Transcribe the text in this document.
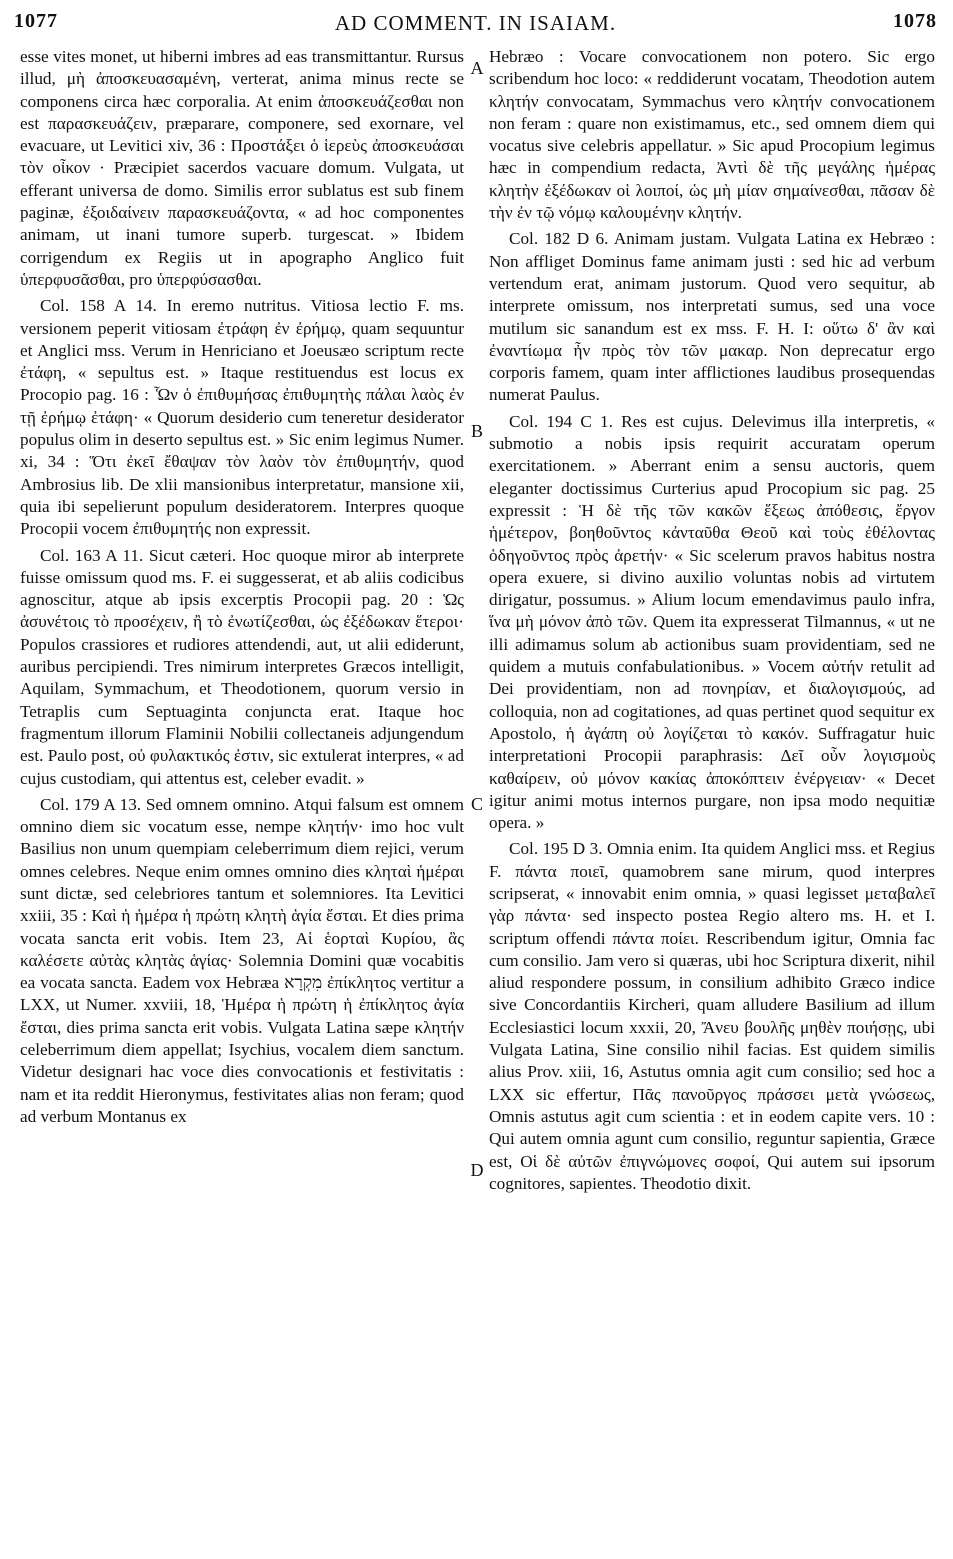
1077	AD COMMENT. IN ISAIAM.	1078
A
B
C
D

esse vites monet, ut hiberni imbres ad eas transmittantur. Rursus illud, μὴ ἀποσκευασαμένη, verterat, anima minus recte se componens circa hæc corporalia. At enim ἀποσκευάζεσθαι non est παρασκευάζειν, præparare, componere, sed exornare, vel evacuare, ut Levitici xiv, 36 : Προστάξει ὁ ἱερεὺς ἀποσκευάσαι τὸν οἶκον · Præcipiet sacerdos vacuare domum. Vulgata, ut efferant universa de domo. Similis error sublatus est sub finem paginæ, ἐξοιδαίνειν παρασκευάζοντα, « ad hoc componentes animam, ut inani tumore superb. turgescat. » Ibidem corrigendum ex Regiis ut in apographo Anglico fuit ὑπερφυσᾶσθαι, pro ὑπερφύσασθαι.

Col. 158 A 14. In eremo nutritus. Vitiosa lectio F. ms. versionem peperit vitiosam ἐτράφη ἐν ἐρήμῳ, quam sequuntur et Anglici mss. Verum in Henriciano et Joeusæo scriptum recte ἐτάφη, « sepultus est. » Itaque restituendus est locus ex Procopio pag. 16 : Ὧν ὁ ἐπιθυμήσας ἐπιθυμητὴς πάλαι λαὸς ἐν τῇ ἐρήμῳ ἐτάφη· « Quorum desiderio cum teneretur desiderator populus olim in deserto sepultus est. » Sic enim legimus Numer. xi, 34 : Ὅτι ἐκεῖ ἔθαψαν τὸν λαὸν τὸν ἐπιθυμητήν, quod Ambrosius lib. De xlii mansionibus interpretatur, mansione xii, quia ibi sepelierunt populum desideratorem. Interpres quoque Procopii vocem ἐπιθυμητής non expressit.

Col. 163 A 11. Sicut cæteri. Hoc quoque miror ab interprete fuisse omissum quod ms. F. ei suggesserat, et ab aliis codicibus agnoscitur, atque ab ipsis excerptis Procopii pag. 20 : Ὡς ἀσυνέτοις τὸ προσέχειν, ἢ τὸ ἐνωτίζεσθαι, ὡς ἐξέδωκαν ἕτεροι· Populos crassiores et rudiores attendendi, aut, ut alii ediderunt, auribus percipiendi. Tres nimirum interpretes Græcos intelligit, Aquilam, Symmachum, et Theodotionem, quorum versio in Tetraplis cum Septuaginta conjuncta erat. Itaque hoc fragmentum illorum Flaminii Nobilii collectaneis adjungendum est. Paulo post, οὐ φυλακτικός ἐστιν, sic extulerat interpres, « ad cujus custodiam, qui attentus est, celeber evadit. »

Col. 179 A 13. Sed omnem omnino. Atqui falsum est omnem omnino diem sic vocatum esse, nempe κλητήν· imo hoc vult Basilius non unum quempiam celeberrimum diem rejici, verum omnes celebres. Neque enim omnes omnino dies κληταὶ ἡμέραι sunt dictæ, sed celebriores tantum et solemniores. Ita Levitici xxiii, 35 : Καὶ ἡ ἡμέρα ἡ πρώτη κλητὴ ἁγία ἔσται. Et dies prima vocata sancta erit vobis. Item 23, Αἱ ἑορταὶ Κυρίου, ἃς καλέσετε αὐτὰς κλητὰς ἁγίας· Solemnia Domini quæ vocabitis ea vocata sancta. Eadem vox Hebræa מִקְרָא ἐπίκλητος vertitur a LXX, ut Numer. xxviii, 18, Ἡμέρα ἡ πρώτη ἡ ἐπίκλητος ἁγία ἔσται, dies prima sancta erit vobis. Vulgata Latina sæpe κλητήν celeberrimum diem appellat; Isychius, vocalem diem sanctum. Videtur designari hac voce dies convocationis et festivitatis : nam et ita reddit Hieronymus, festivitates alias non feram; quod ad verbum Montanus ex

Hebræo : Vocare convocationem non potero. Sic ergo scribendum hoc loco: « reddiderunt vocatam, Theodotion autem κλητήν convocatam, Symmachus vero κλητήν convocationem non feram : quare non existimamus, etc., sed omnem diem qui vocatus sive celebris appellatur. » Sic apud Procopium legimus hæc in compendium redacta, Ἀντὶ δὲ τῆς μεγάλης ἡμέρας κλητὴν ἐξέδωκαν οἱ λοιποί, ὡς μὴ μίαν σημαίνεσθαι, πᾶσαν δὲ τὴν ἐν τῷ νόμῳ καλουμένην κλητήν.

Col. 182 D 6. Animam justam. Vulgata Latina ex Hebræo : Non affliget Dominus fame animam justi : sed hic ad verbum vertendum erat, animam justorum. Quod vero sequitur, ab interprete omissum, nos interpretati sumus, sed una voce mutilum sic sanandum est ex mss. F. H. I: οὕτω δ' ἂν καὶ ἐναντίωμα ἦν πρὸς τὸν τῶν μακαρ. Non deprecatur ergo corporis famem, quam inter afflictiones laudibus prosequendas numerat Paulus.

Col. 194 C 1. Res est cujus. Delevimus illa interpretis, « submotio a nobis ipsis requirit accuratam operum exercitationem. » Aberrant enim a sensu auctoris, quem eleganter doctissimus Curterius apud Procopium sic pag. 25 expressit : Ἡ δὲ τῆς τῶν κακῶν ἕξεως ἀπόθεσις, ἔργον ἡμέτερον, βοηθοῦντος κἀνταῦθα Θεοῦ καὶ τοὺς ἐθέλοντας ὁδηγοῦντος πρὸς ἀρετήν· « Sic scelerum pravos habitus nostra opera exuere, si divino auxilio voluntas nobis ad virtutem dirigatur, possumus. » Alium locum emendavimus paulo infra, ἵνα μὴ μόνον ἀπὸ τῶν. Quem ita expresserat Tilmannus, « ut ne illi adimamus solum ab actionibus suam providentiam, sed ne quidem a mutuis confabulationibus. » Vocem αὐτήν retulit ad Dei providentiam, non ad πονηρίαν, et διαλογισμούς, ad colloquia, non ad cogitationes, ad quas pertinet quod sequitur ex Apostolo, ἡ ἀγάπη οὐ λογίζεται τὸ κακόν. Suffragatur huic interpretationi Procopii paraphrasis: Δεῖ οὖν λογισμοὺς καθαίρειν, οὐ μόνον κακίας ἀποκόπτειν ἐνέργειαν· « Decet igitur animi motus internos purgare, non ipsa modo nequitiæ opera. »

Col. 195 D 3. Omnia enim. Ita quidem Anglici mss. et Regius F. πάντα ποιεῖ, quamobrem sane mirum, quod interpres scripserat, « innovabit enim omnia, » quasi legisset μεταβαλεῖ γὰρ πάντα· sed inspecto postea Regio altero ms. H. et I. scriptum offendi πάντα ποίει. Rescribendum igitur, Omnia fac cum consilio. Jam vero si quæras, ubi hoc Scriptura dixerit, nihil aliud respondere possum, in consilium adhibito Græco indice sive Concordantiis Kircheri, quam alludere Basilium ad illum Ecclesiastici locum xxxii, 20, Ἄνευ βουλῆς μηθὲν ποιήσῃς, ubi Vulgata Latina, Sine consilio nihil facias. Est quidem similis alius Prov. xiii, 16, Astutus omnia agit cum consilio; sed hoc a LXX sic effertur, Πᾶς πανοῦργος πράσσει μετὰ γνώσεως, Omnis astutus agit cum scientia : et in eodem capite vers. 10 : Qui autem omnia agunt cum consilio, reguntur sapientia, Græce est, Οἱ δὲ αὐτῶν ἐπιγνώμονες σοφοί, Qui autem sui ipsorum cognitores, sapientes. Theodotio dixit.
